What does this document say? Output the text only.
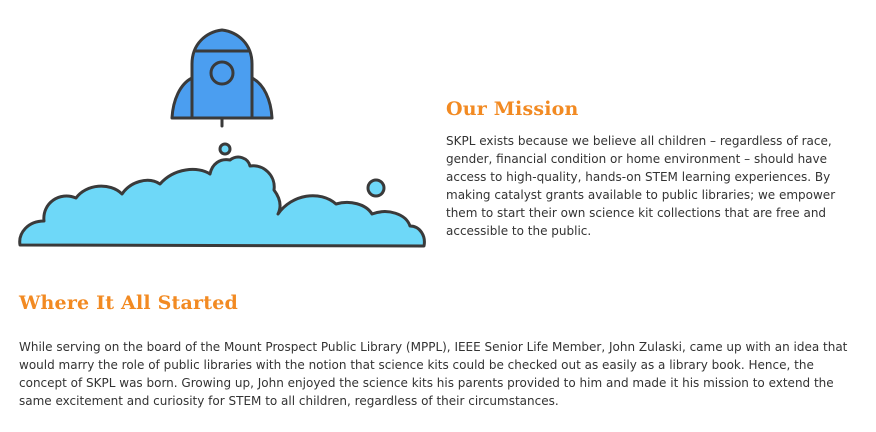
Our Mission

SKPL exists because we believe all children – regardless of race, gender, financial condition or home environment – should have access to high-quality, hands-on STEM learning experiences. By making catalyst grants available to public libraries; we empower them to start their own science kit collections that are free and accessible to the public.

Where It All Started

While serving on the board of the Mount Prospect Public Library (MPPL), IEEE Senior Life Member, John Zulaski, came up with an idea that would marry the role of public libraries with the notion that science kits could be checked out as easily as a library book. Hence, the concept of SKPL was born. Growing up, John enjoyed the science kits his parents provided to him and made it his mission to extend the same excitement and curiosity for STEM to all children, regardless of their circumstances.
